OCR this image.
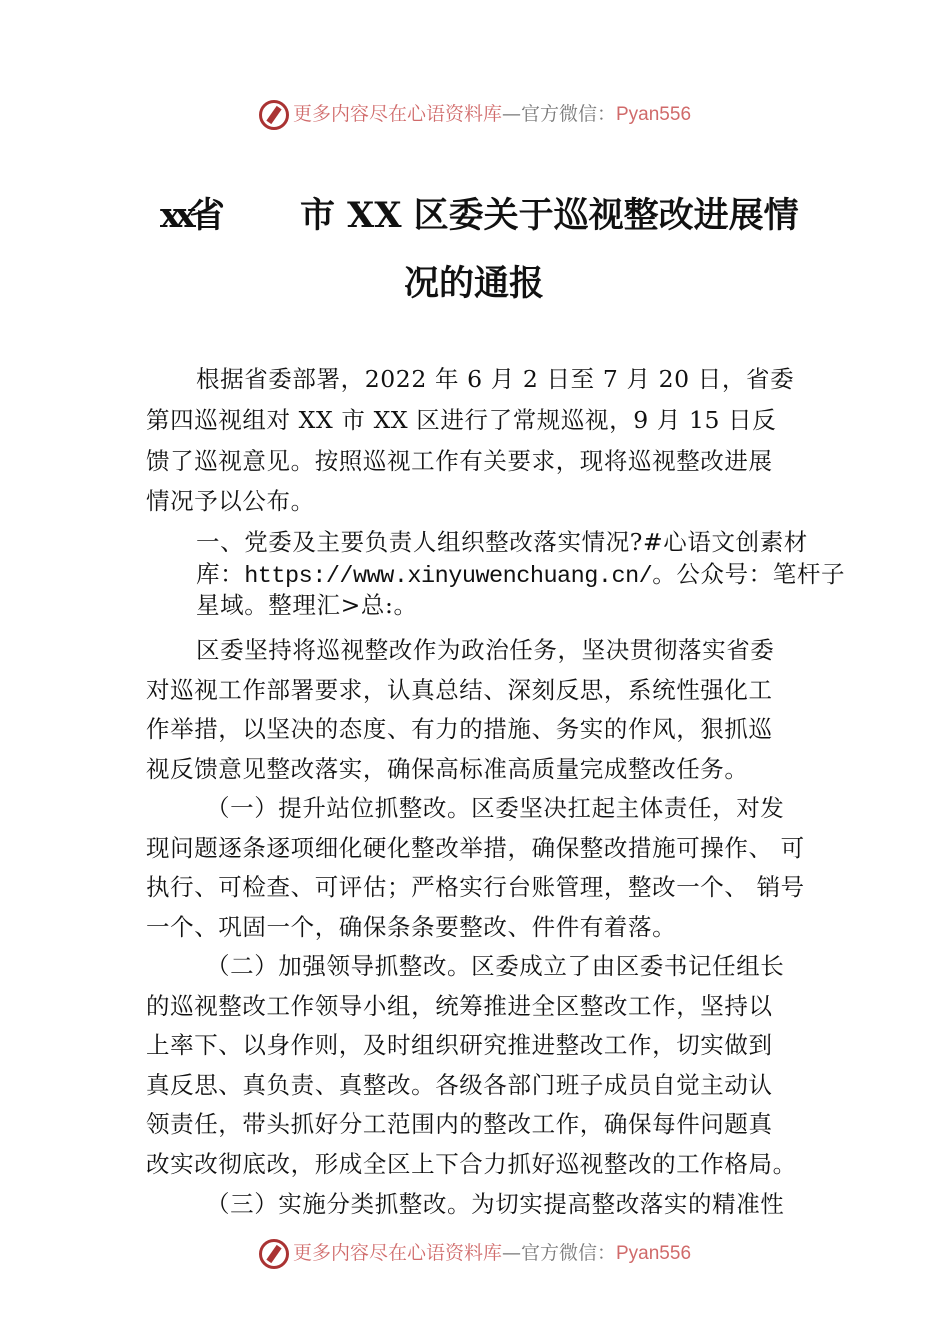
更多内容尽在心语资料库—官方微信：Pyan556
xx省 市 XX 区委关于巡视整改进展情
况的通报
根据省委部署，2022 年 6 月 2 日至 7 月 20 日，省委
第四巡视组对 XX 市 XX 区进行了常规巡视，9 月 15 日反
馈了巡视意见。按照巡视工作有关要求，现将巡视整改进展
情况予以公布。
一、党委及主要负责人组织整改落实情况?#心语文创素材
库：https://www.xinyuwenchuang.cn/。公众号：笔杆子
星域。整理汇>总:。
区委坚持将巡视整改作为政治任务，坚决贯彻落实省委
对巡视工作部署要求，认真总结、深刻反思，系统性强化工
作举措，以坚决的态度、有力的措施、务实的作风，狠抓巡
视反馈意见整改落实，确保高标准高质量完成整改任务。
（一）提升站位抓整改。区委坚决扛起主体责任，对发
现问题逐条逐项细化硬化整改举措，确保整改措施可操作、 可
执行、可检查、可评估；严格实行台账管理，整改一个、 销号
一个、巩固一个，确保条条要整改、件件有着落。
（二）加强领导抓整改。区委成立了由区委书记任组长
的巡视整改工作领导小组，统筹推进全区整改工作，坚持以
上率下、以身作则，及时组织研究推进整改工作，切实做到
真反思、真负责、真整改。各级各部门班子成员自觉主动认
领责任，带头抓好分工范围内的整改工作，确保每件问题真
改实改彻底改，形成全区上下合力抓好巡视整改的工作格局。
（三）实施分类抓整改。为切实提高整改落实的精准性
更多内容尽在心语资料库—官方微信：Pyan556
